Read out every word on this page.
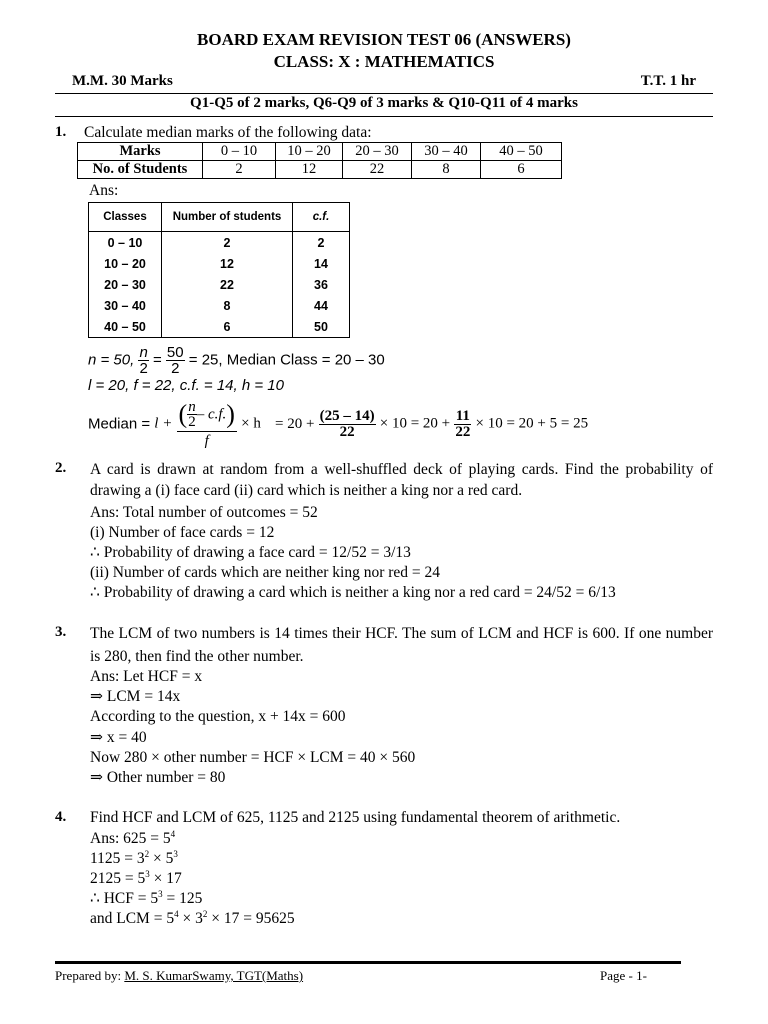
BOARD EXAM REVISION TEST 06 (ANSWERS)
CLASS: X : MATHEMATICS
M.M. 30 Marks	T.T. 1 hr
Q1-Q5 of 2 marks, Q6-Q9 of 3 marks & Q10-Q11 of 4 marks
1. Calculate median marks of the following data:
Marks	0 – 10	10 – 20	20 – 30	30 – 40	40 – 50
No. of Students	2	12	22	8	6
Ans:
Classes	Number of students	c.f.
0 – 10	2	2
10 – 20	12	14
20 – 30	22	36
30 – 40	8	44
40 – 50	6	50
n = 50, $\frac{n}{2} = \frac{50}{2} = 25$, Median Class = 20 – 30
l = 20, f = 22, c.f. = 14, h = 10
Median = $l + \frac{( \frac{n}{2} - c.f.)}{f} \times h = 20 + \frac{(25 - 14)}{22} \times 10 = 20 + \frac{11}{22} \times 10 = 20 + 5 = 25$
2. A card is drawn at random from a well-shuffled deck of playing cards. Find the probability of drawing a (i) face card (ii) card which is neither a king nor a red card.
Ans: Total number of outcomes = 52
(i) Number of face cards = 12
∴ Probability of drawing a face card = 12/52 = 3/13
(ii) Number of cards which are neither king nor red = 24
∴ Probability of drawing a card which is neither a king nor a red card = 24/52 = 6/13
3. The LCM of two numbers is 14 times their HCF. The sum of LCM and HCF is 600. If one number is 280, then find the other number.
Ans: Let HCF = x
⇒ LCM = 14x
According to the question, x + 14x = 600
⇒ x = 40
Now 280 × other number = HCF × LCM = 40 × 560
⇒ Other number = 80
4. Find HCF and LCM of 625, 1125 and 2125 using fundamental theorem of arithmetic.
Ans: $625 = 5^4$
$1125 = 3^2 \times 5^3$
$2125 = 5^3 \times 17$
∴ HCF = $5^3 = 125$
and LCM = $5^4 \times 3^2 \times 17 = 95625$
Prepared by: M. S. KumarSwamy, TGT(Maths)	Page - 1-
